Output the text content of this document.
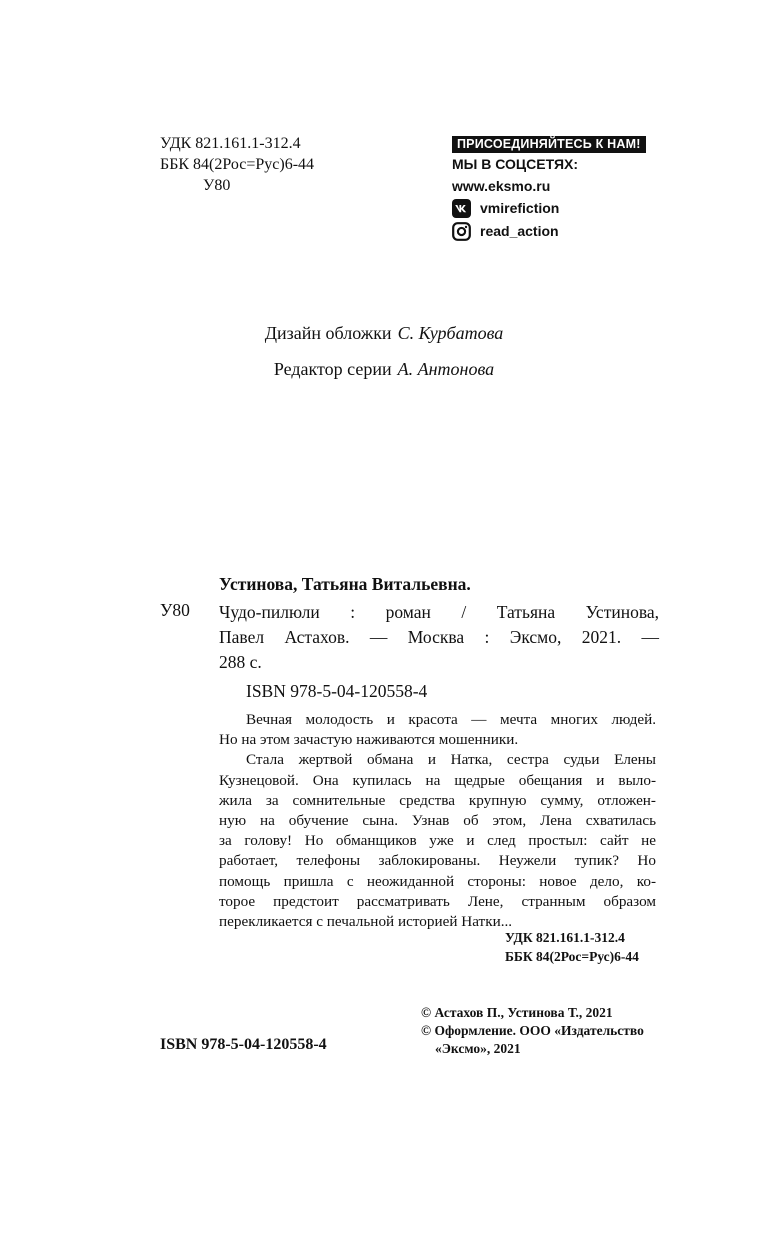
УДК 821.161.1-312.4
ББК 84(2Рос=Рус)6-44
У80
ПРИСОЕДИНЯЙТЕСЬ К НАМ!
МЫ В СОЦСЕТЯХ:
www.eksmo.ru
vmirefiction
read_action
Дизайн обложки С. Курбатова
Редактор серии А. Антонова
Устинова, Татьяна Витальевна.
У80 Чудо-пилюли : роман / Татьяна Устинова,
Павел Астахов. — Москва : Эксмо, 2021. —
288 с.
ISBN 978-5-04-120558-4

Вечная молодость и красота — мечта многих людей.
Но на этом зачастую наживаются мошенники.

Стала жертвой обмана и Натка, сестра судьи Елены
Кузнецовой. Она купилась на щедрые обещания и выло-
жила за сомнительные средства крупную сумму, отложен-
ную на обучение сына. Узнав об этом, Лена схватилась
за голову! Но обманщиков уже и след простыл: сайт не
работает, телефоны заблокированы. Неужели тупик? Но
помощь пришла с неожиданной стороны: новое дело, ко-
торое предстоит рассматривать Лене, странным образом
перекликается с печальной историей Натки...

УДК 821.161.1-312.4
ББК 84(2Рос=Рус)6-44
© Астахов П., Устинова Т., 2021
© Оформление. ООО «Издательство
«Эксмо», 2021
ISBN 978-5-04-120558-4
